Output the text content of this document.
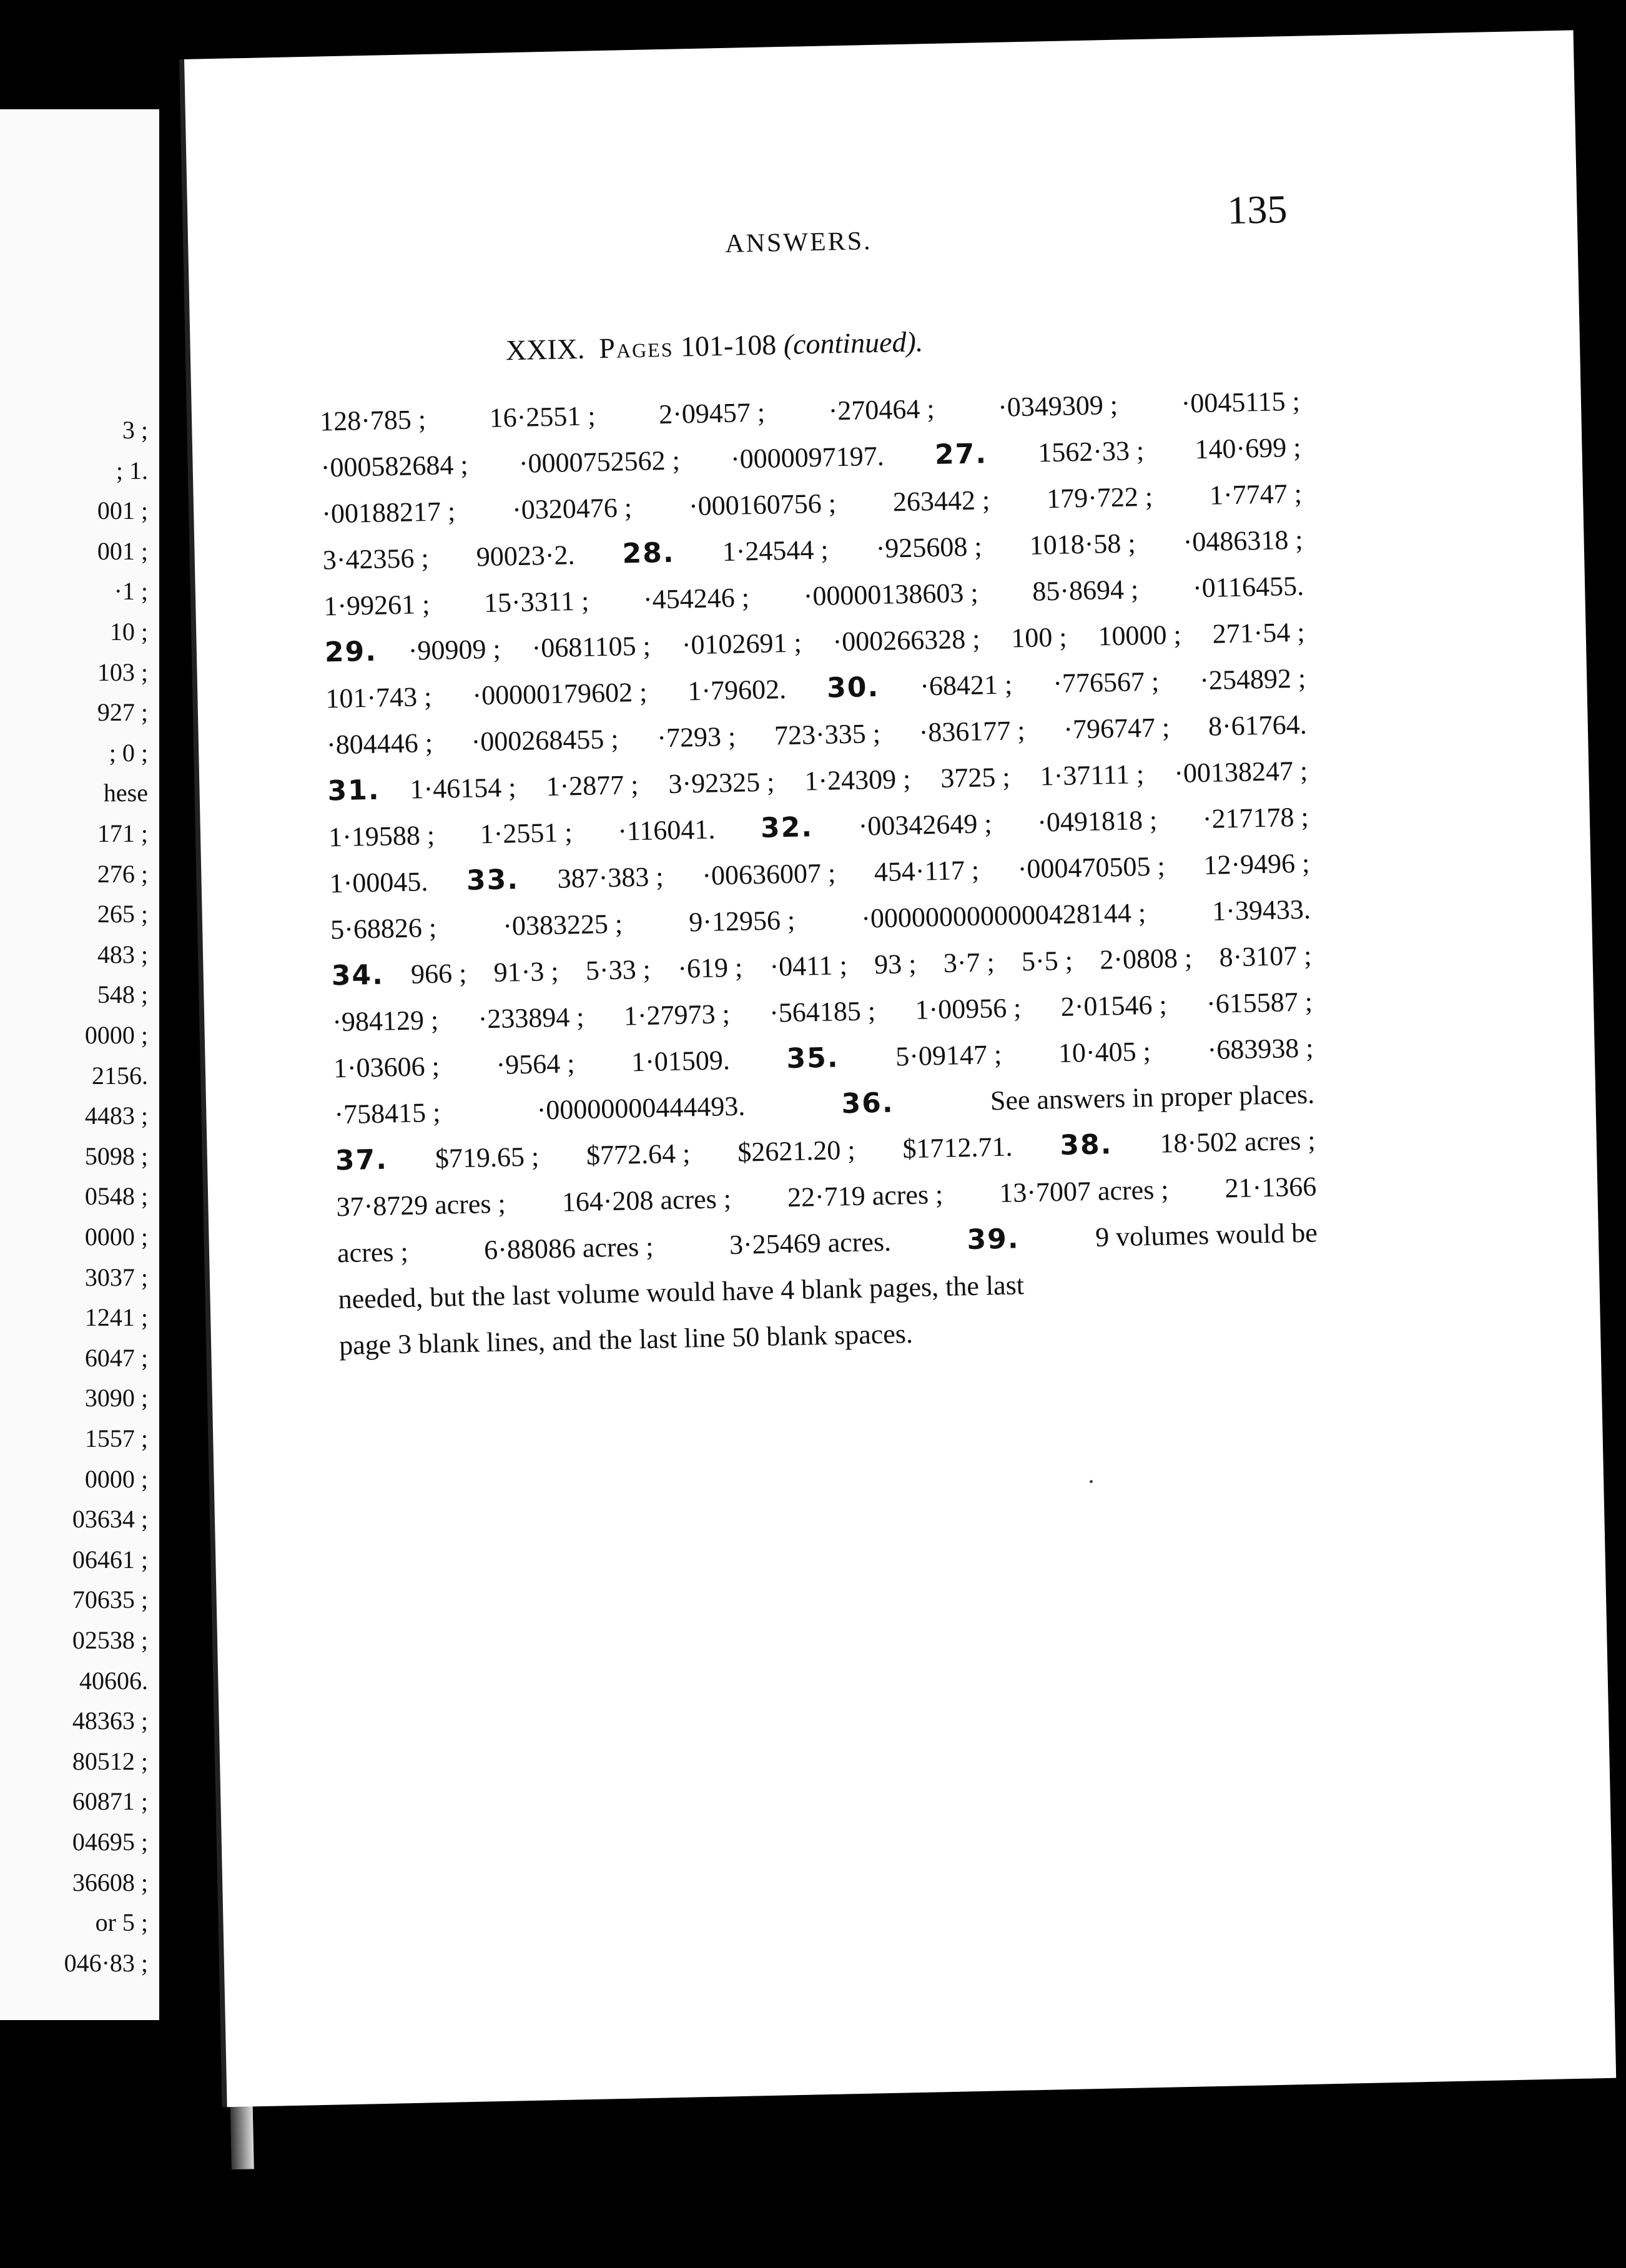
3 ;
; 1.
001 ;
001 ;
·1 ;
10 ;
103 ;
927 ;
; 0 ;
hese
171 ;
276 ;
265 ;
483 ;
548 ;
0000 ;
2156.
4483 ;
5098 ;
0548 ;
0000 ;
3037 ;
1241 ;
6047 ;
3090 ;
1557 ;
0000 ;
03634 ;
06461 ;
70635 ;
02538 ;
40606.
48363 ;
80512 ;
60871 ;
04695 ;
36608 ;
or 5 ;
046·83 ;
ANSWERS.
135
XXIX. Pages 101-108 (continued).
128·785 ; 16·2551 ; 2·09457 ; ·270464 ; ·0349309 ; ·0045115 ;
·000582684 ; ·0000752562 ; ·0000097197. 27. 1562·33 ; 140·699 ;
·00188217 ; ·0320476 ; ·000160756 ; 263442 ; 179·722 ; 1·7747 ;
3·42356 ; 90023·2. 28. 1·24544 ; ·925608 ; 1018·58 ; ·0486318 ;
1·99261 ; 15·3311 ; ·454246 ; ·00000138603 ; 85·8694 ; ·0116455.
29. ·90909 ; ·0681105 ; ·0102691 ; ·000266328 ; 100 ; 10000 ; 271·54 ;
101·743 ; ·00000179602 ; 1·79602. 30. ·68421 ; ·776567 ; ·254892 ;
·804446 ; ·000268455 ; ·7293 ; 723·335 ; ·836177 ; ·796747 ; 8·61764.
31. 1·46154 ; 1·2877 ; 3·92325 ; 1·24309 ; 3725 ; 1·37111 ; ·00138247 ;
1·19588 ; 1·2551 ; ·116041. 32. ·00342649 ; ·0491818 ; ·217178 ;
1·00045. 33. 387·383 ; ·00636007 ; 454·117 ; ·000470505 ; 12·9496 ;
5·68826 ; ·0383225 ; 9·12956 ; ·0000000000000428144 ; 1·39433.
34. 966 ; 91·3 ; 5·33 ; ·619 ; ·0411 ; 93 ; 3·7 ; 5·5 ; 2·0808 ; 8·3107 ;
·984129 ; ·233894 ; 1·27973 ; ·564185 ; 1·00956 ; 2·01546 ; ·615587 ;
1·03606 ; ·9564 ; 1·01509. 35. 5·09147 ; 10·405 ; ·683938 ;
·758415 ;	·00000000444493.	36.	See answers in proper places.
37. $719.65 ; $772.64 ; $2621.20 ; $1712.71. 38. 18·502 acres ;
37·8729 acres ; 164·208 acres ; 22·719 acres ; 13·7007 acres ; 21·1366
acres ;	6·88086 acres ;	3·25469 acres.	39.	9 volumes would be
needed, but the last volume would have 4 blank pages, the last
page 3 blank lines, and the last line 50 blank spaces.
